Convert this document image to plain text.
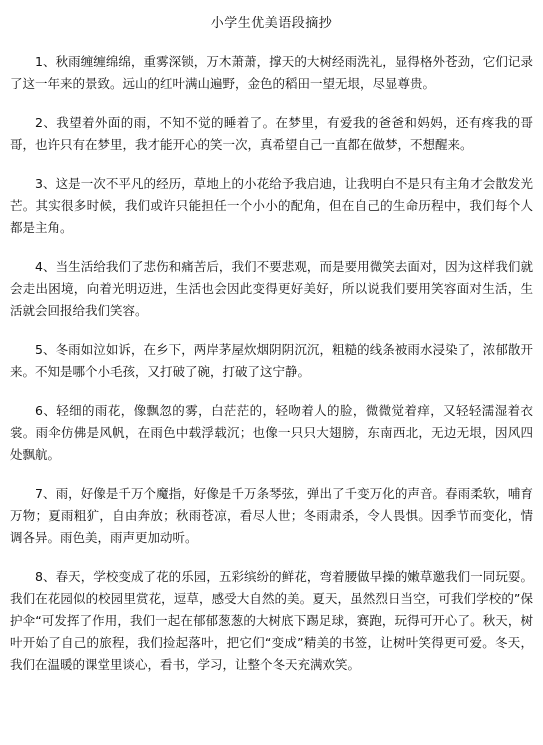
小学生优美语段摘抄

1、秋雨缠缠绵绵，重雾深锁，万木萧萧，撑天的大树经雨洗礼，显得格外苍劲，它们记录了这一年来的景致。远山的红叶满山遍野，金色的稻田一望无垠，尽显尊贵。

2、我望着外面的雨，不知不觉的睡着了。在梦里，有爱我的爸爸和妈妈，还有疼我的哥哥，也许只有在梦里，我才能开心的笑一次，真希望自己一直都在做梦，不想醒来。

3、这是一次不平凡的经历，草地上的小花给予我启迪，让我明白不是只有主角才会散发光芒。其实很多时候，我们或许只能担任一个小小的配角，但在自己的生命历程中，我们每个人都是主角。

4、当生活给我们了悲伤和痛苦后，我们不要悲观，而是要用微笑去面对，因为这样我们就会走出困境，向着光明迈进，生活也会因此变得更好美好，所以说我们要用笑容面对生活，生活就会回报给我们笑容。

5、冬雨如泣如诉，在乡下，两岸茅屋炊烟阴阴沉沉，粗糙的线条被雨水浸染了，浓郁散开来。不知是哪个小毛孩，又打破了碗，打破了这宁静。

6、轻细的雨花，像飘忽的雾，白茫茫的，轻吻着人的脸，微微觉着痒，又轻轻濡湿着衣裳。雨伞仿佛是风帆，在雨色中载浮载沉；也像一只只大翅膀，东南西北，无边无垠，因风四处飘航。

7、雨，好像是千万个魔指，好像是千万条琴弦，弹出了千变万化的声音。春雨柔软，哺育万物；夏雨粗犷，自由奔放；秋雨苍凉，看尽人世；冬雨肃杀，令人畏惧。因季节而变化，情调各异。雨色美，雨声更加动听。

8、春天，学校变成了花的乐园，五彩缤纷的鲜花，弯着腰做早操的嫩草邀我们一同玩耍。我们在花园似的校园里赏花，逗草，感受大自然的美。夏天，虽然烈日当空，可我们学校的”保护伞“可发挥了作用，我们一起在郁郁葱葱的大树底下踢足球，赛跑，玩得可开心了。秋天，树叶开始了自己的旅程，我们捡起落叶，把它们“变成”精美的书签，让树叶笑得更可爱。冬天，我们在温暖的课堂里谈心，看书，学习，让整个冬天充满欢笑。
